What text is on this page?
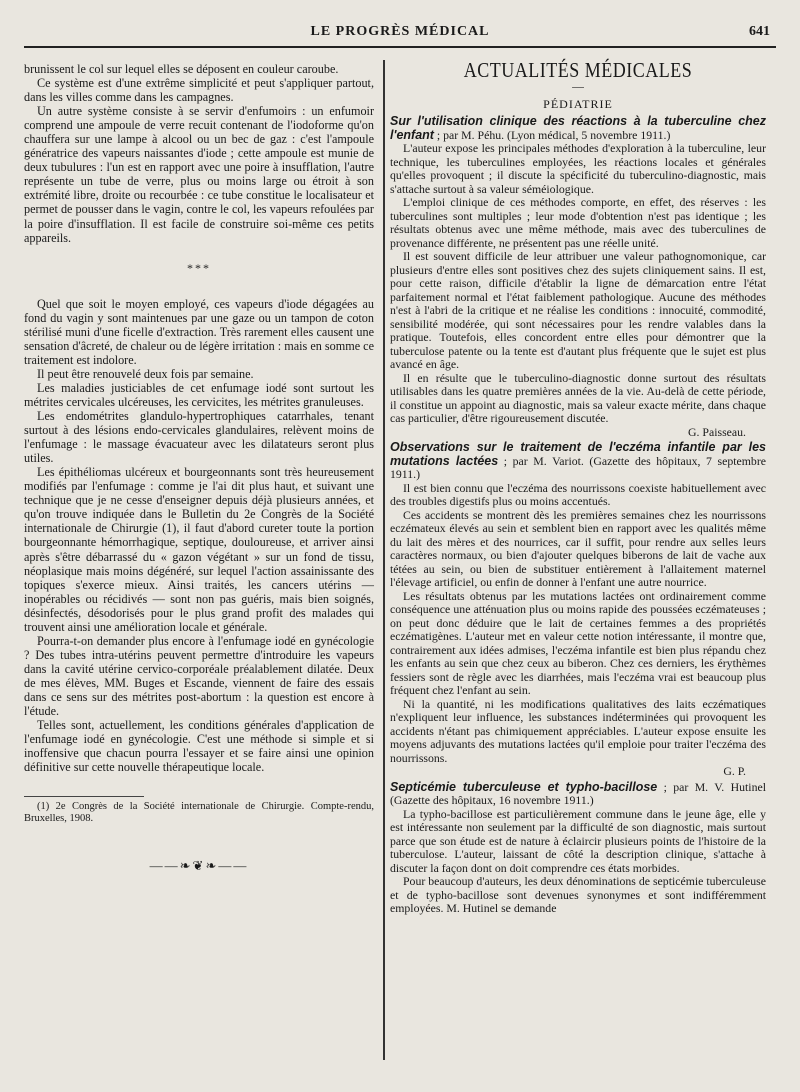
LE PROGRÈS MÉDICAL	641

brunissent le col sur lequel elles se déposent en couleur caroube.

Ce système est d'une extrême simplicité et peut s'appliquer partout, dans les villes comme dans les campagnes.

Un autre système consiste à se servir d'enfumoirs : un enfumoir comprend une ampoule de verre recuit contenant de l'iodoforme qu'on chauffera sur une lampe à alcool ou un bec de gaz : c'est l'ampoule génératrice des vapeurs naissantes d'iode ; cette ampoule est munie de deux tubulures : l'un est en rapport avec une poire à insufflation, l'autre représente un tube de verre, plus ou moins large ou étroit à son extrémité libre, droite ou recourbée : ce tube constitue le localisateur et permet de pousser dans le vagin, contre le col, les vapeurs refoulées par la poire d'insufflation. Il est facile de construire soi-même ces petits appareils.

***

Quel que soit le moyen employé, ces vapeurs d'iode dégagées au fond du vagin y sont maintenues par une gaze ou un tampon de coton stérilisé muni d'une ficelle d'extraction. Très rarement elles causent une sensation d'âcreté, de chaleur ou de légère irritation : mais en somme ce traitement est indolore.

Il peut être renouvelé deux fois par semaine.

Les maladies justiciables de cet enfumage iodé sont surtout les métrites cervicales ulcéreuses, les cervicites, les métrites granuleuses.

Les endométrites glandulo-hypertrophiques catarrhales, tenant surtout à des lésions endo-cervicales glandulaires, relèvent moins de l'enfumage : le massage évacuateur avec les dilatateurs seront plus utiles.

Les épithéliomas ulcéreux et bourgeonnants sont très heureusement modifiés par l'enfumage : comme je l'ai dit plus haut, et suivant une technique que je ne cesse d'enseigner depuis déjà plusieurs années, et qu'on trouve indiquée dans le Bulletin du 2e Congrès de la Société internationale de Chirurgie (1), il faut d'abord cureter toute la portion bourgeonnante hémorrhagique, septique, douloureuse, et arriver ainsi après s'être débarrassé du « gazon végétant » sur un fond de tissu, néoplasique mais moins dégénéré, sur lequel l'action assainissante des topiques s'exerce mieux. Ainsi traités, les cancers utérins — inopérables ou récidivés — sont non pas guéris, mais bien soignés, désinfectés, désodorisés pour le plus grand profit des malades qui trouvent ainsi une amélioration locale et générale.

Pourra-t-on demander plus encore à l'enfumage iodé en gynécologie ? Des tubes intra-utérins peuvent permettre d'introduire les vapeurs dans la cavité utérine cervico-corporéale préalablement dilatée. Deux de mes élèves, MM. Buges et Escande, viennent de faire des essais dans ce sens sur des métrites post-abortum : la question est encore à l'étude.

Telles sont, actuellement, les conditions générales d'application de l'enfumage iodé en gynécologie. C'est une méthode si simple et si inoffensive que chacun pourra l'essayer et se faire ainsi une opinion définitive sur cette nouvelle thérapeutique locale.

(1) 2e Congrès de la Société internationale de Chirurgie. Compte-rendu, Bruxelles, 1908.

——❧❦❧——
ACTUALITÉS MÉDICALES
—
PÉDIATRIE

Sur l'utilisation clinique des réactions à la tuberculine chez l'enfant ; par M. Péhu. (Lyon médical, 5 novembre 1911.)

L'auteur expose les principales méthodes d'exploration à la tuberculine, leur technique, les tuberculines employées, les réactions locales et générales qu'elles provoquent ; il discute la spécificité du tuberculino-diagnostic, mais s'attache surtout à sa valeur séméiologique.

L'emploi clinique de ces méthodes comporte, en effet, des réserves : les tuberculines sont multiples ; leur mode d'obtention n'est pas identique ; les résultats obtenus avec une même méthode, mais avec des tuberculines de provenance différente, ne présentent pas une réelle unité.

Il est souvent difficile de leur attribuer une valeur pathognomonique, car plusieurs d'entre elles sont positives chez des sujets cliniquement sains. Il est, pour cette raison, difficile d'établir la ligne de démarcation entre l'état parfaitement normal et l'état faiblement pathologique. Aucune des méthodes n'est à l'abri de la critique et ne réalise les conditions : innocuité, commodité, sensibilité modérée, qui sont nécessaires pour les rendre valables dans la pratique. Toutefois, elles concordent entre elles pour démontrer que la tuberculose patente ou la tente est d'autant plus fréquente que le sujet est plus avancé en âge.

Il en résulte que le tuberculino-diagnostic donne surtout des résultats utilisables dans les quatre premières années de la vie. Au-delà de cette période, il constitue un appoint au diagnostic, mais sa valeur exacte mérite, dans chaque cas particulier, d'être rigoureusement discutée.

G. Paisseau.

Observations sur le traitement de l'eczéma infantile par les mutations lactées ; par M. Variot. (Gazette des hôpitaux, 7 septembre 1911.)

Il est bien connu que l'eczéma des nourrissons coexiste habituellement avec des troubles digestifs plus ou moins accentués.

Ces accidents se montrent dès les premières semaines chez les nourrissons eczémateux élevés au sein et semblent bien en rapport avec les qualités même du lait des mères et des nourrices, car il suffit, pour rendre aux selles leurs caractères normaux, ou bien d'ajouter quelques biberons de lait de vache aux tétées au sein, ou bien de substituer entièrement à l'allaitement maternel l'élevage artificiel, ou enfin de donner à l'enfant une autre nourrice.

Les résultats obtenus par les mutations lactées ont ordinairement comme conséquence une atténuation plus ou moins rapide des poussées eczémateuses ; on peut donc déduire que le lait de certaines femmes a des propriétés eczématigènes. L'auteur met en valeur cette notion intéressante, il montre que, contrairement aux idées admises, l'eczéma infantile est bien plus répandu chez les enfants au sein que chez ceux au biberon. Chez ces derniers, les érythèmes fessiers sont de règle avec les diarrhées, mais l'eczéma vrai est beaucoup plus fréquent chez l'enfant au sein.

Ni la quantité, ni les modifications qualitatives des laits eczématiques n'expliquent leur influence, les substances indéterminées qui provoquent les accidents n'étant pas chimiquement appréciables. L'auteur expose ensuite les moyens adjuvants des mutations lactées qu'il emploie pour traiter l'eczéma des nourrissons.

G. P.

Septicémie tuberculeuse et typho-bacillose ; par M. V. Hutinel (Gazette des hôpitaux, 16 novembre 1911.)

La typho-bacillose est particulièrement commune dans le jeune âge, elle y est intéressante non seulement par la difficulté de son diagnostic, mais surtout parce que son étude est de nature à éclaircir plusieurs points de l'histoire de la tuberculose. L'auteur, laissant de côté la description clinique, s'attache à discuter la façon dont on doit comprendre ces états morbides.

Pour beaucoup d'auteurs, les deux dénominations de septicémie tuberculeuse et de typho-bacillose sont devenues synonymes et sont indifféremment employées. M. Hutinel se demande
